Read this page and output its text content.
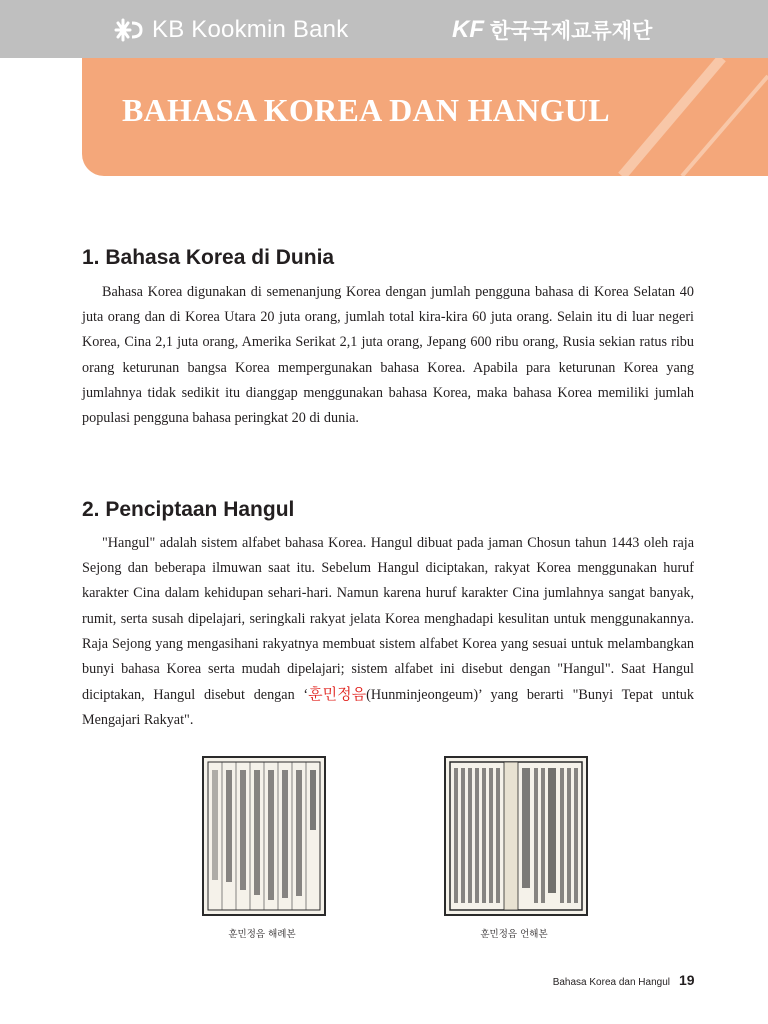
KB Kookmin Bank	KF 한국국제교류재단
BAHASA KOREA DAN HANGUL
1. Bahasa Korea di Dunia

Bahasa Korea digunakan di semenanjung Korea dengan jumlah pengguna bahasa di Korea Selatan 40 juta orang dan di Korea Utara 20 juta orang, jumlah total kira-kira 60 juta orang. Selain itu di luar negeri Korea, Cina 2,1 juta orang, Amerika Serikat 2,1 juta orang, Jepang 600 ribu orang, Rusia sekian ratus ribu orang keturunan bangsa Korea mempergunakan bahasa Korea. Apabila para keturunan Korea yang jumlahnya tidak sedikit itu dianggap menggunakan bahasa Korea, maka bahasa Korea memiliki jumlah populasi pengguna bahasa peringkat 20 di dunia.

2. Penciptaan Hangul

"Hangul" adalah sistem alfabet bahasa Korea. Hangul dibuat pada jaman Chosun tahun 1443 oleh raja Sejong dan beberapa ilmuwan saat itu. Sebelum Hangul diciptakan, rakyat Korea menggunakan huruf karakter Cina dalam kehidupan sehari-hari. Namun karena huruf karakter Cina jumlahnya sangat banyak, rumit, serta susah dipelajari, seringkali rakyat jelata Korea menghadapi kesulitan untuk menggunakannya. Raja Sejong yang mengasihani rakyatnya membuat sistem alfabet Korea yang sesuai untuk melambangkan bunyi bahasa Korea serta mudah dipelajari; sistem alfabet ini disebut dengan "Hangul". Saat Hangul diciptakan, Hangul disebut dengan ‘훈민정음(Hunminjeongeum)’ yang berarti "Bunyi Tepat untuk Mengajari Rakyat".

훈민정음 해례본	훈민정음 언해본
Bahasa Korea dan Hangul 19
